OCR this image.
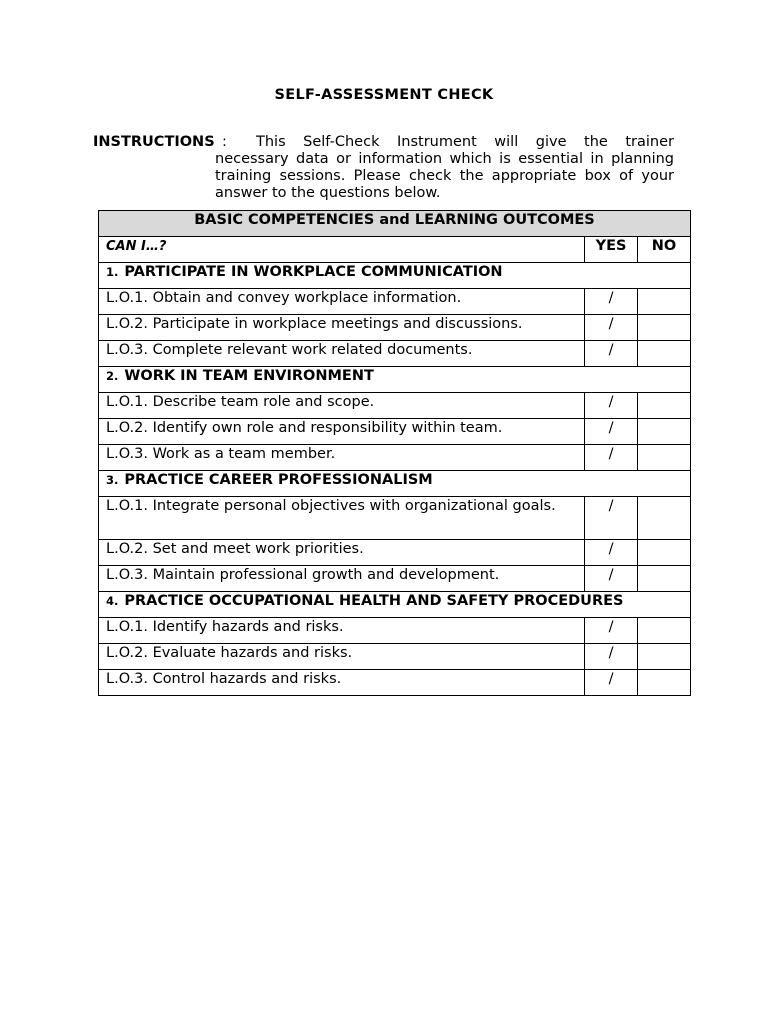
SELF-ASSESSMENT CHECK
INSTRUCTIONS :	This Self-Check Instrument will give the trainer necessary data or information which is essential in planning training sessions. Please check the appropriate box of your answer to the questions below.
BASIC COMPETENCIES and LEARNING OUTCOMES		
CAN I…?	YES	NO
1. PARTICIPATE IN WORKPLACE COMMUNICATION		
L.O.1. Obtain and convey workplace information.	/	
L.O.2. Participate in workplace meetings and discussions.	/	
L.O.3. Complete relevant work related documents.	/	
2. WORK IN TEAM ENVIRONMENT		
L.O.1. Describe team role and scope.	/	
L.O.2. Identify own role and responsibility within team.	/	
L.O.3. Work as a team member.	/	
3. PRACTICE CAREER PROFESSIONALISM		
L.O.1. Integrate personal objectives with organizational goals.	/	
L.O.2. Set and meet work priorities.	/	
L.O.3. Maintain professional growth and development.	/	
4. PRACTICE OCCUPATIONAL HEALTH AND SAFETY PROCEDURES		
L.O.1. Identify hazards and risks.	/	
L.O.2. Evaluate hazards and risks.	/	
L.O.3. Control hazards and risks.	/	
